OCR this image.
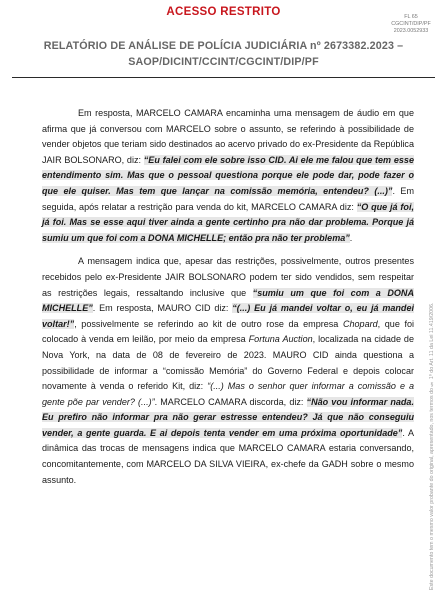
ACESSO RESTRITO	FL 65
CGCINT/DIP/PF
2023.0052933
RELATÓRIO DE ANÁLISE DE POLÍCIA JUDICIÁRIA nº 2673382.2023 –
SAOP/DICINT/CCINT/CGCINT/DIP/PF

Em resposta, MARCELO CAMARA encaminha uma mensagem de áudio em que afirma que já conversou com MARCELO sobre o assunto, se referindo à possibilidade de vender objetos que teriam sido destinados ao acervo privado do ex-Presidente da República JAIR BOLSONARO, diz: “Eu falei com ele sobre isso CID. Ai ele me falou que tem esse entendimento sim. Mas que o pessoal questiona porque ele pode dar, pode fazer o que ele quiser. Mas tem que lançar na comissão memória, entendeu? (...)”. Em seguida, após relatar a restrição para venda do kit, MARCELO CAMARA diz: “O que já foi, já foi. Mas se esse aqui tiver ainda a gente certinho pra não dar problema. Porque já sumiu um que foi com a DONA MICHELLE; então pra não ter problema”.

A mensagem indica que, apesar das restrições, possivelmente, outros presentes recebidos pelo ex-Presidente JAIR BOLSONARO podem ter sido vendidos, sem respeitar as restrições legais, ressaltando inclusive que “sumiu um que foi com a DONA MICHELLE”. Em resposta, MAURO CID diz: “(...) Eu já mandei voltar o, eu já mandei voltar!”, possivelmente se referindo ao kit de outro rose da empresa Chopard, que foi colocado à venda em leilão, por meio da empresa Fortuna Auction, localizada na cidade de Nova York, na data de 08 de fevereiro de 2023. MAURO CID ainda questiona a possibilidade de informar a “comissão Memória” do Governo Federal e depois colocar novamente à venda o referido Kit, diz: “(...) Mas o senhor quer informar a comissão e a gente põe par vender? (...)”. MARCELO CAMARA discorda, diz: “Não vou informar nada. Eu prefiro não informar pra não gerar estresse entendeu? Já que não conseguiu vender, a gente guarda. E ai depois tenta vender em uma próxima oportunidade”. A dinâmica das trocas de mensagens indica que MARCELO CAMARA estaria conversando, concomitantemente, com MARCELO DA SILVA VIEIRA, ex-chefe da GADH sobre o mesmo assunto.	Este documento tem o mesmo valor probante do original, apresentado, nos termos do § 1º do Art. 11 da Lei 11.419/2006.
